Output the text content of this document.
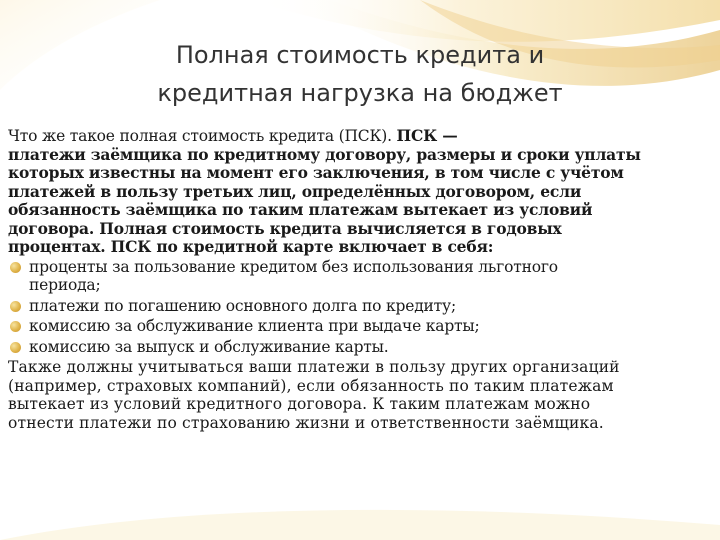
Полная стоимость кредита и
кредитная нагрузка на бюджет

Что же такое полная стоимость кредита (ПСК). ПСК —
платежи заёмщика по кредитному договору, размеры и сроки уплаты
которых известны на момент его заключения, в том числе с учётом
платежей в пользу третьих лиц, определённых договором, если
обязанность заёмщика по таким платежам вытекает из условий
договора. Полная стоимость кредита вычисляется в годовых
процентах. ПСК по кредитной карте включает в себя:

проценты за пользование кредитом без использования льготного
периода;
платежи по погашению основного долга по кредиту;
комиссию за обслуживание клиента при выдаче карты;
комиссию за выпуск и обслуживание карты.

Также должны учитываться ваши платежи в пользу других организаций
(например, страховых компаний), если обязанность по таким платежам
вытекает из условий кредитного договора. К таким платежам можно
отнести платежи по страхованию жизни и ответственности заёмщика.
